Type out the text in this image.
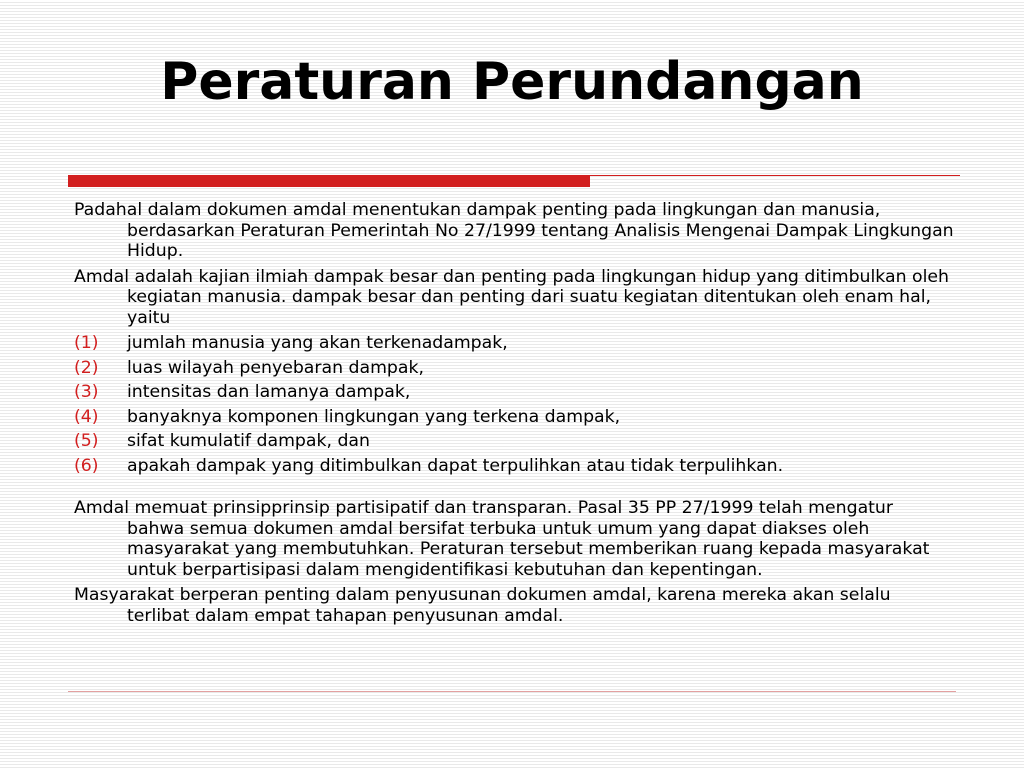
Peraturan Perundangan

Padahal dalam dokumen amdal menentukan dampak penting pada lingkungan dan manusia, berdasarkan Peraturan Pemerintah No 27/1999 tentang Analisis Mengenai Dampak Lingkungan Hidup.

Amdal adalah kajian ilmiah dampak besar dan penting pada lingkungan hidup yang ditimbulkan oleh kegiatan manusia. dampak besar dan penting dari suatu kegiatan ditentukan oleh enam hal, yaitu

(1)	jumlah manusia yang akan terkenadampak,
(2)	luas wilayah penyebaran dampak,
(3)	intensitas dan lamanya dampak,
(4)	banyaknya komponen lingkungan yang terkena dampak,
(5)	sifat kumulatif dampak, dan
(6)	apakah dampak yang ditimbulkan dapat terpulihkan atau tidak terpulihkan.

Amdal memuat prinsipprinsip partisipatif dan transparan. Pasal 35 PP 27/1999 telah mengatur bahwa semua dokumen amdal bersifat terbuka untuk umum yang dapat diakses oleh masyarakat yang membutuhkan. Peraturan tersebut memberikan ruang kepada masyarakat untuk berpartisipasi dalam mengidentifikasi kebutuhan dan kepentingan.

Masyarakat berperan penting dalam penyusunan dokumen amdal, karena mereka akan selalu terlibat dalam empat tahapan penyusunan amdal.
